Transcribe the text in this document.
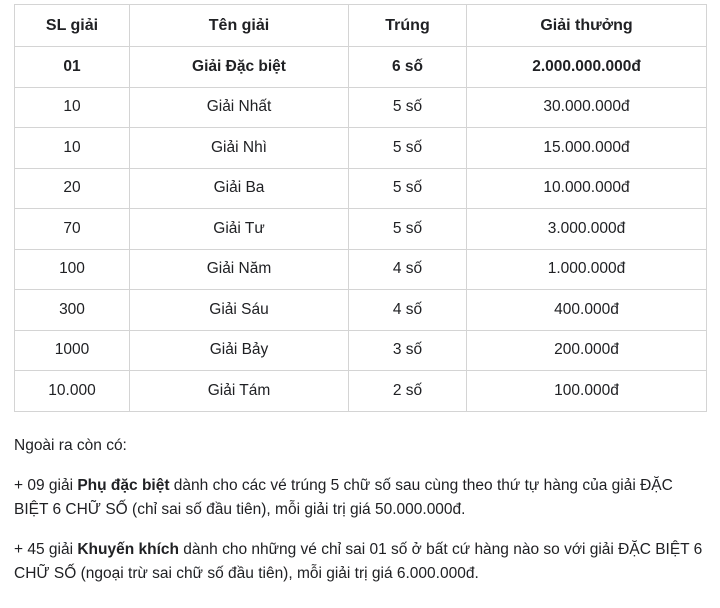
SL giải	Tên giải	Trúng	Giải thưởng
01	Giải Đặc biệt	6 số	2.000.000.000đ
10	Giải Nhất	5 số	30.000.000đ
10	Giải Nhì	5 số	15.000.000đ
20	Giải Ba	5 số	10.000.000đ
70	Giải Tư	5 số	3.000.000đ
100	Giải Năm	4 số	1.000.000đ
300	Giải Sáu	4 số	400.000đ
1000	Giải Bảy	3 số	200.000đ
10.000	Giải Tám	2 số	100.000đ

Ngoài ra còn có:

+ 09 giải Phụ đặc biệt dành cho các vé trúng 5 chữ số sau cùng theo thứ tự hàng của giải ĐẶC BIỆT 6 CHỮ SỐ (chỉ sai số đầu tiên), mỗi giải trị giá 50.000.000đ.

+ 45 giải Khuyến khích dành cho những vé chỉ sai 01 số ở bất cứ hàng nào so với giải ĐẶC BIỆT 6 CHỮ SỐ (ngoại trừ sai chữ số đầu tiên), mỗi giải trị giá 6.000.000đ.
